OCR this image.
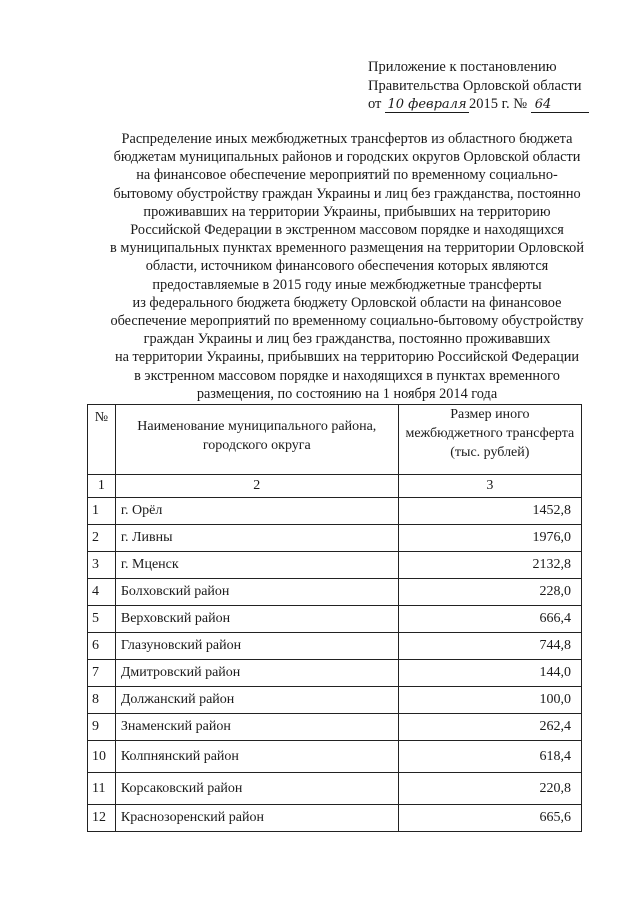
Приложение к постановлению
Правительства Орловской области
от 10 февраля 2015 г. № 64
Распределение иных межбюджетных трансфертов из областного бюджета
бюджетам муниципальных районов и городских округов Орловской области
на финансовое обеспечение мероприятий по временному социально-
бытовому обустройству граждан Украины и лиц без гражданства, постоянно
проживавших на территории Украины, прибывших на территорию
Российской Федерации в экстренном массовом порядке и находящихся
в муниципальных пунктах временного размещения на территории Орловской
области, источником финансового обеспечения которых являются
предоставляемые в 2015 году иные межбюджетные трансферты
из федерального бюджета бюджету Орловской области на финансовое
обеспечение мероприятий по временному социально-бытовому обустройству
граждан Украины и лиц без гражданства, постоянно проживавших
на территории Украины, прибывших на территорию Российской Федерации
в экстренном массовом порядке и находящихся в пунктах временного
размещения, по состоянию на 1 ноября 2014 года
№	Наименование муниципального района, городского округа	Размер иного межбюджетного трансферта (тыс. рублей)
1	2	3
1	г. Орёл	1452,8
2	г. Ливны	1976,0
3	г. Мценск	2132,8
4	Болховский район	228,0
5	Верховский район	666,4
6	Глазуновский район	744,8
7	Дмитровский район	144,0
8	Должанский район	100,0
9	Знаменский район	262,4
10	Колпнянский район	618,4
11	Корсаковский район	220,8
12	Краснозоренский район	665,6
